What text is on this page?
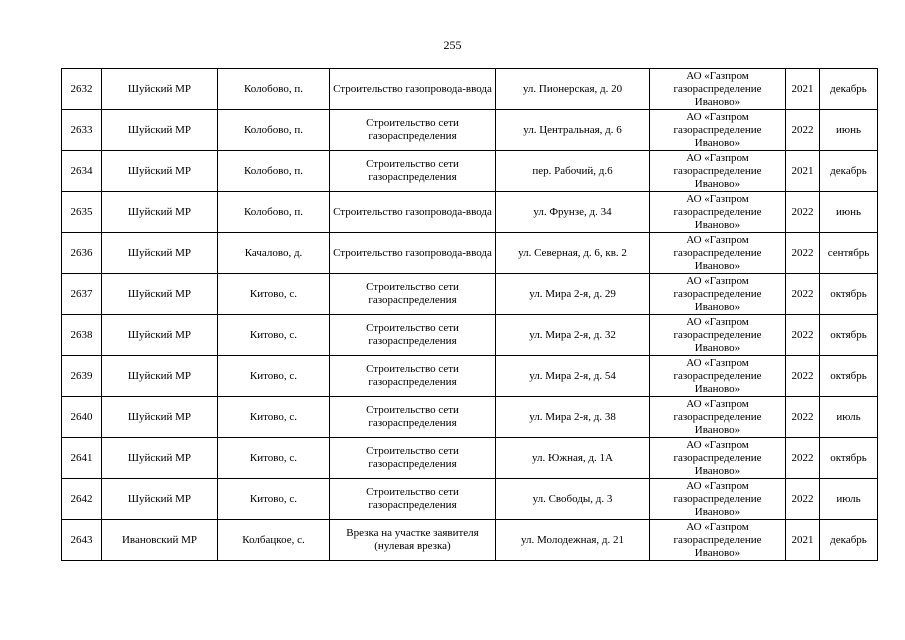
255
2632	Шуйский МР	Колобово, п.	Строительство газопровода-ввода	ул. Пионерская, д. 20	АО «Газпром газораспределение Иваново»	2021	декабрь
2633	Шуйский МР	Колобово, п.	Строительство сети газораспределения	ул. Центральная, д. 6	АО «Газпром газораспределение Иваново»	2022	июнь
2634	Шуйский МР	Колобово, п.	Строительство сети газораспределения	пер. Рабочий, д.6	АО «Газпром газораспределение Иваново»	2021	декабрь
2635	Шуйский МР	Колобово, п.	Строительство газопровода-ввода	ул. Фрунзе, д. 34	АО «Газпром газораспределение Иваново»	2022	июнь
2636	Шуйский МР	Качалово, д.	Строительство газопровода-ввода	ул. Северная, д. 6, кв. 2	АО «Газпром газораспределение Иваново»	2022	сентябрь
2637	Шуйский МР	Китово, с.	Строительство сети газораспределения	ул. Мира 2-я, д. 29	АО «Газпром газораспределение Иваново»	2022	октябрь
2638	Шуйский МР	Китово, с.	Строительство сети газораспределения	ул. Мира 2-я, д. 32	АО «Газпром газораспределение Иваново»	2022	октябрь
2639	Шуйский МР	Китово, с.	Строительство сети газораспределения	ул. Мира 2-я, д. 54	АО «Газпром газораспределение Иваново»	2022	октябрь
2640	Шуйский МР	Китово, с.	Строительство сети газораспределения	ул. Мира 2-я, д. 38	АО «Газпром газораспределение Иваново»	2022	июль
2641	Шуйский МР	Китово, с.	Строительство сети газораспределения	ул. Южная, д. 1А	АО «Газпром газораспределение Иваново»	2022	октябрь
2642	Шуйский МР	Китово, с.	Строительство сети газораспределения	ул. Свободы, д. 3	АО «Газпром газораспределение Иваново»	2022	июль
2643	Ивановский МР	Колбацкое, с.	Врезка на участке заявителя (нулевая врезка)	ул. Молодежная, д. 21	АО «Газпром газораспределение Иваново»	2021	декабрь
